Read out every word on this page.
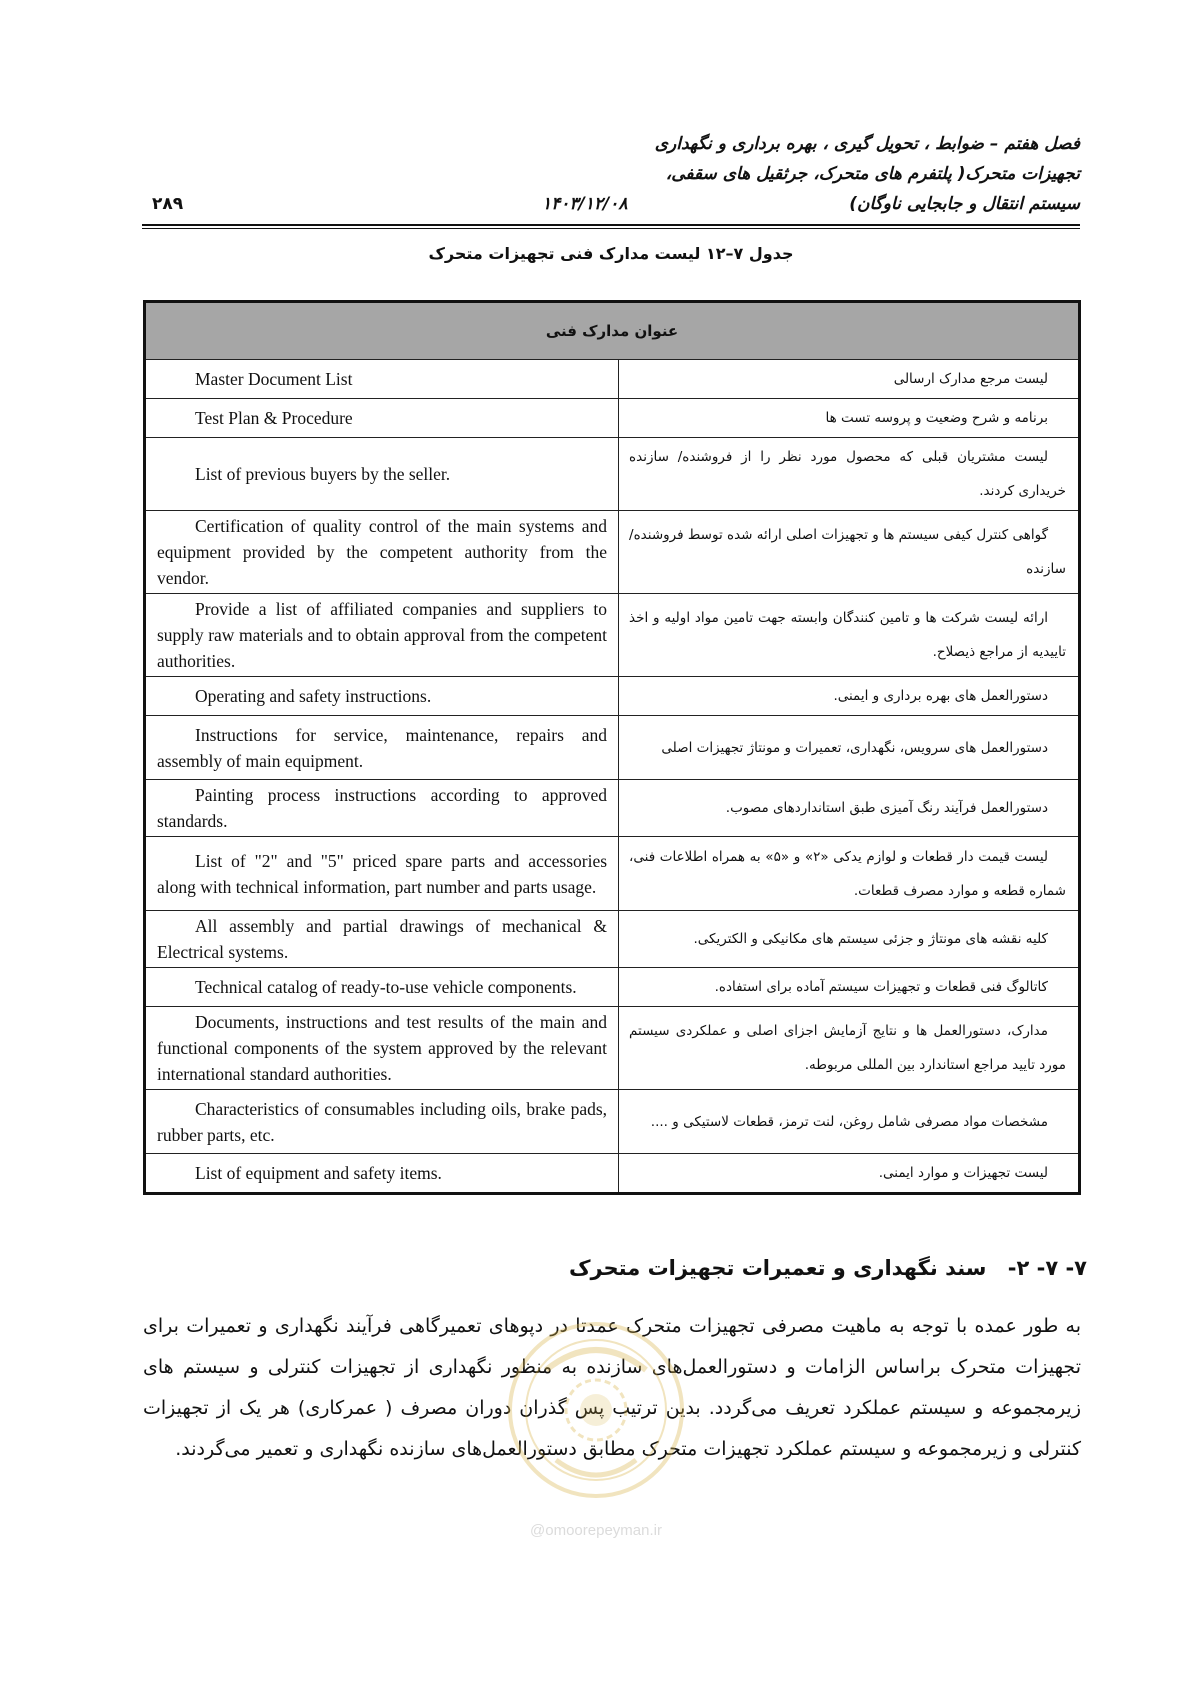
فصل هفتم – ضوابط ، تحویل گیری ، بهره برداری و نگهداری
تجهیزات متحرک( پلتفرم های متحرک، جرثقیل های سقفی،
سیستم انتقال و جابجایی ناوگان)
۱۴۰۳/۱۲/۰۸
۲۸۹
جدول ۷–۱۲ لیست مدارک فنی تجهیزات متحرک
عنوان مدارک فنی	
Master Document List	لیست مرجع مدارک ارسالی
Test Plan & Procedure	برنامه و شرح وضعیت و پروسه تست ها
List of previous buyers by the seller.	لیست مشتریان قبلی که محصول مورد نظر را از فروشنده/ سازنده خریداری کردند.
Certification of quality control of the main systems and equipment provided by the competent authority from the vendor.	گواهی کنترل کیفی سیستم ها و تجهیزات اصلی ارائه شده توسط فروشنده/ سازنده
Provide a list of affiliated companies and suppliers to supply raw materials and to obtain approval from the competent authorities.	ارائه لیست شرکت ها و تامین کنندگان وابسته جهت تامین مواد اولیه و اخذ تاییدیه از مراجع ذیصلاح.
Operating and safety instructions.	دستورالعمل های بهره برداری و ایمنی.
Instructions for service, maintenance, repairs and assembly of main equipment.	دستورالعمل های سرویس، نگهداری، تعمیرات و مونتاژ تجهیزات اصلی
Painting process instructions according to approved standards.	دستورالعمل فرآیند رنگ آمیزی طبق استانداردهای مصوب.
List of "2" and "5" priced spare parts and accessories along with technical information, part number and parts usage.	لیست قیمت دار قطعات و لوازم یدکی «۲» و «۵» به همراه اطلاعات فنی، شماره قطعه و موارد مصرف قطعات.
All assembly and partial drawings of mechanical & Electrical systems.	کلیه نقشه های مونتاژ و جزئی سیستم های مکانیکی و الکتریکی.
Technical catalog of ready-to-use vehicle components.	کاتالوگ فنی قطعات و تجهیزات سیستم آماده برای استفاده.
Documents, instructions and test results of the main and functional components of the system approved by the relevant international standard authorities.	مدارک، دستورالعمل ها و نتایج آزمایش اجزای اصلی و عملکردی سیستم مورد تایید مراجع استاندارد بین المللی مربوطه.
Characteristics of consumables including oils, brake pads, rubber parts, etc.	مشخصات مواد مصرفی شامل روغن، لنت ترمز، قطعات لاستیکی و ....
List of equipment and safety items.	لیست تجهیزات و موارد ایمنی.
۷- ۷- ۲- سند نگهداری و تعمیرات تجهیزات متحرک
به طور عمده با توجه به ماهیت مصرفی تجهیزات متحرک عمدتا در دپوهای تعمیرگاهی فرآیند نگهداری و تعمیرات برای تجهیزات متحرک براساس الزامات و دستورالعمل‌های سازنده به منظور نگهداری از تجهیزات کنترلی و سیستم های زیرمجموعه و سیستم عملکرد تعریف می‌گردد. بدین ترتیب پس گذران دوران مصرف ( عمرکاری) هر یک از تجهیزات کنترلی و زیرمجموعه و سیستم عملکرد تجهیزات متحرک مطابق دستورالعمل‌های سازنده نگهداری و تعمیر می‌گردند.
@omoorepeyman.ir
